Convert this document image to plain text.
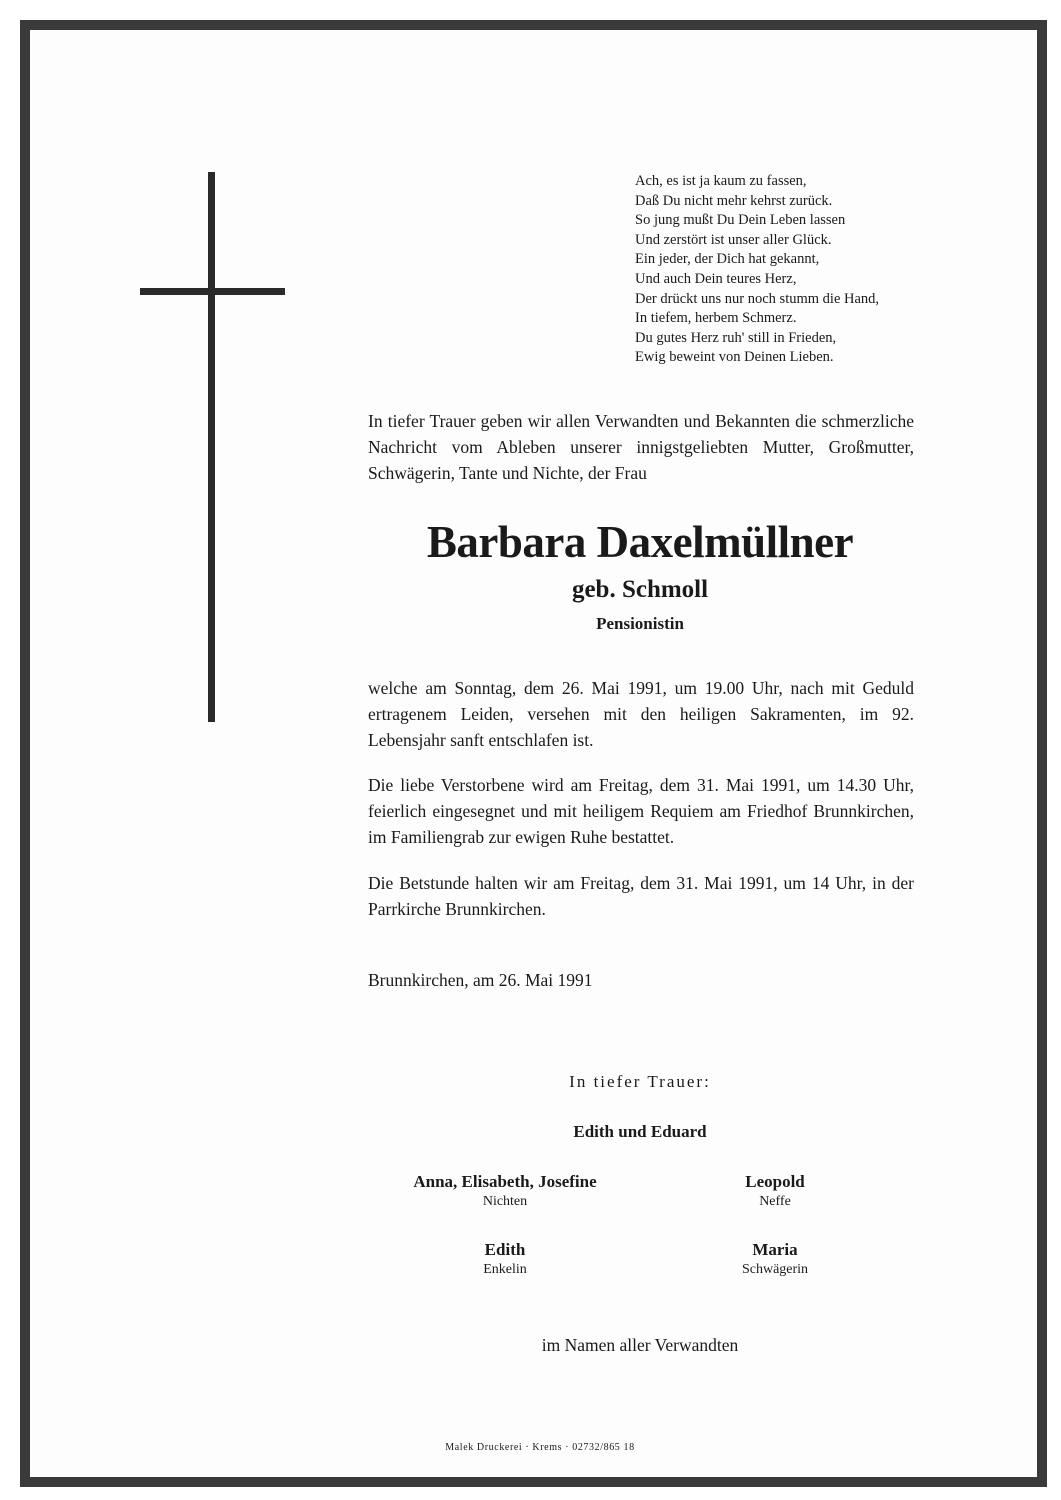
Ach, es ist ja kaum zu fassen,
Daß Du nicht mehr kehrst zurück.
So jung mußt Du Dein Leben lassen
Und zerstört ist unser aller Glück.
Ein jeder, der Dich hat gekannt,
Und auch Dein teures Herz,
Der drückt uns nur noch stumm die Hand,
In tiefem, herbem Schmerz.
Du gutes Herz ruh' still in Frieden,
Ewig beweint von Deinen Lieben.
In tiefer Trauer geben wir allen Verwandten und Bekannten die schmerzliche Nachricht vom Ableben unserer innigstgeliebten Mutter, Großmutter, Schwägerin, Tante und Nichte, der Frau
Barbara Daxelmüllner
geb. Schmoll
Pensionistin
welche am Sonntag, dem 26. Mai 1991, um 19.00 Uhr, nach mit Geduld ertragenem Leiden, versehen mit den heiligen Sakramenten, im 92. Lebensjahr sanft entschlafen ist.
Die liebe Verstorbene wird am Freitag, dem 31. Mai 1991, um 14.30 Uhr, feierlich eingesegnet und mit heiligem Requiem am Friedhof Brunnkirchen, im Familiengrab zur ewigen Ruhe bestattet.
Die Betstunde halten wir am Freitag, dem 31. Mai 1991, um 14 Uhr, in der Parrkirche Brunnkirchen.
Brunnkirchen, am 26. Mai 1991
In tiefer Trauer:
Edith und Eduard
Anna, Elisabeth, Josefine
Nichten
Leopold
Neffe
Edith
Enkelin
Maria
Schwägerin
im Namen aller Verwandten
Malek Druckerei · Krems · 02732/865 18
